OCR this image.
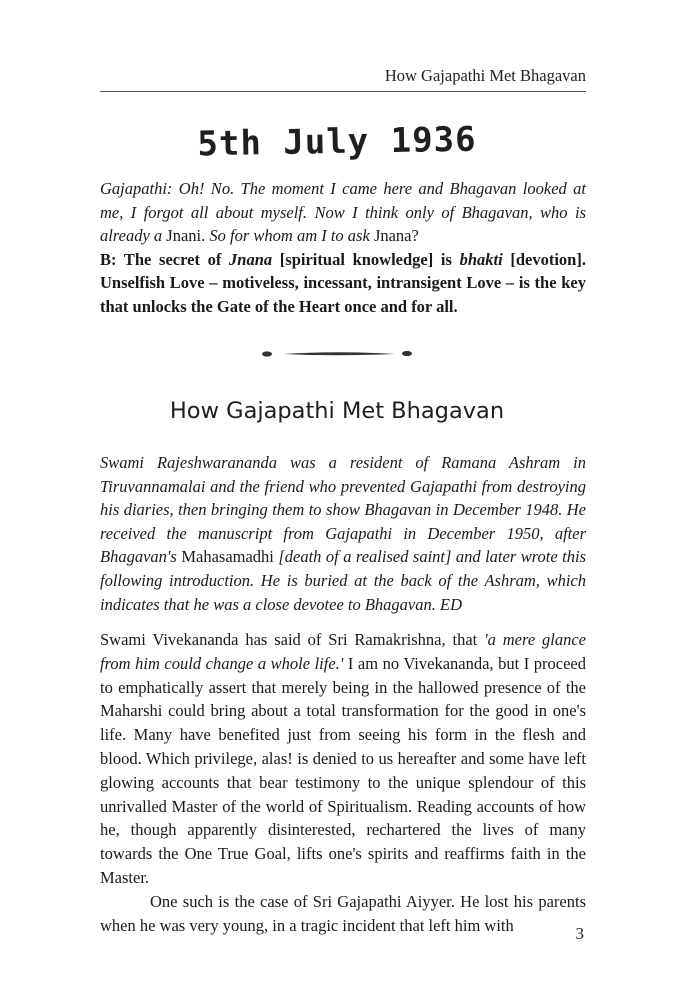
How Gajapathi Met Bhagavan
5th July 1936

Gajapathi: Oh! No. The moment I came here and Bhagavan looked at me, I forgot all about myself. Now I think only of Bhagavan, who is already a Jnani. So for whom am I to ask Jnana?

B: The secret of Jnana [spiritual knowledge] is bhakti [devotion]. Unselfish Love – motiveless, incessant, intransigent Love – is the key that unlocks the Gate of the Heart once and for all.

How Gajapathi Met Bhagavan

Swami Rajeshwarananda was a resident of Ramana Ashram in Tiruvannamalai and the friend who prevented Gajapathi from destroying his diaries, then bringing them to show Bhagavan in December 1948. He received the manuscript from Gajapathi in December 1950, after Bhagavan's Mahasamadhi [death of a realised saint] and later wrote this following introduction. He is buried at the back of the Ashram, which indicates that he was a close devotee to Bhagavan. ED

Swami Vivekananda has said of Sri Ramakrishna, that 'a mere glance from him could change a whole life.' I am no Vivekananda, but I proceed to emphatically assert that merely being in the hallowed presence of the Maharshi could bring about a total transformation for the good in one's life. Many have benefited just from seeing his form in the flesh and blood. Which privilege, alas! is denied to us hereafter and some have left glowing accounts that bear testimony to the unique splendour of this unrivalled Master of the world of Spiritualism. Reading accounts of how he, though apparently disinterested, rechartered the lives of many towards the One True Goal, lifts one's spirits and reaffirms faith in the Master.

One such is the case of Sri Gajapathi Aiyyer. He lost his parents when he was very young, in a tragic incident that left him with	3
